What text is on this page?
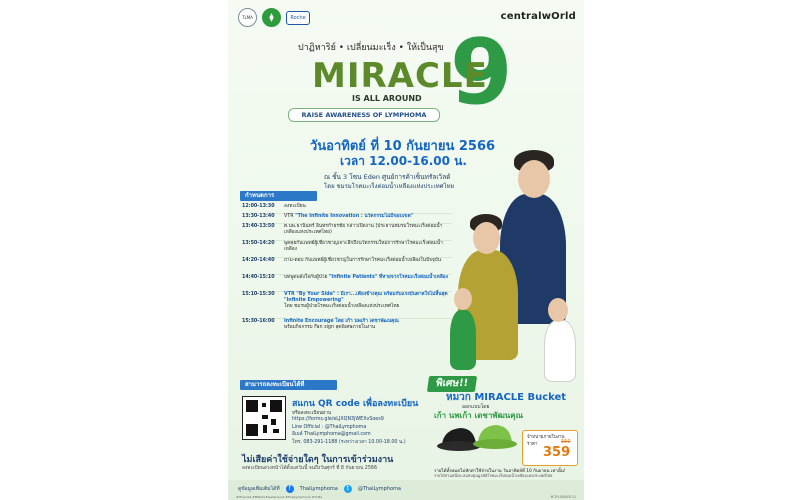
TLMA	Roche	centralwOrld
ปาฏิหาริย์ • เปลี่ยนมะเร็ง • ให้เป็นสุข 9
MIRACLE
IS ALL AROUND
RAISE AWARENESS OF LYMPHOMA
วันอาทิตย์ ที่ 10 กันยายน 2566
เวลา 12.00-16.00 น.
ณ ชั้น 3 โซน Eden ศูนย์การค้าเซ็นทรัลเวิลด์
โดย ชมรมโรคมะเร็งต่อมน้ำเหลืองแห่งประเทศไทย
กำหนดการ
12:00-13:30	ลงทะเบียน
13:30-13:40	VTR "The Infinite Innovation : นวัตกรรมไม่มีขอบเขต"
13:40-13:50	ศ.นพ.ธานินทร์ อินทรกำธรชัย กล่าวเปิดงาน (ประธานชมรมโรคมะเร็งต่อมน้ำเหลืองแห่งประเทศไทย)
13:50-14:20	พูดคุยกับแพทย์ผู้เชี่ยวชาญเจาะลึกถึงนวัตกรรมใหม่การรักษาโรคมะเร็งต่อมน้ำเหลือง
14:20-14:40	ถาม-ตอบ กับแพทย์ผู้เชี่ยวชาญในการรักษาโรคมะเร็งต่อมน้ำเหลืองในปัจจุบัน
14:40-15:10	บทพูดพลังใจกับผู้ป่วย "Infinite Patients" ที่หายจากโรคมะเร็งต่อมน้ำเหลือง
15:10-15:30	VTR "By Your Side" : มีเรา...เคียงข้างคุณ พร้อมกับแรงบันดาลใจไม่สิ้นสุด "Infinite Empowering"
โดย ชมรมผู้ป่วยโรคมะเร็งต่อมน้ำเหลืองแห่งประเทศไทย
15:30-16:00	Infinite Encourage โดย เก้า นพเก้า เดชาพัฒนคุณ
พร้อมกิจกรรม Fan sign สุดพิเศษภายในงาน
สามารถลงทะเบียนได้ที่
สแกน QR code เพื่อลงทะเบียน
หรือลงทะเบียนผ่าน
https://forms.gle/eLJXQN3jWEXvSoes9
Line Official : @ThaiLymphoma
อีเมล์ ThaiLymphoma@gmail.com
โทร. 083-291-1188 (ระหว่างเวลา 10.00-18.00 น.)
ไม่เสียค่าใช้จ่ายใดๆ ในการเข้าร่วมงาน
ลงทะเบียนล่วงหน้าได้ตั้งแต่วันนี้ จนถึงวันศุกร์ ที่ 8 กันยายน 2566
พิเศษ!!
หมวก MIRACLE Bucket
ออกแบบโดย
เก้า นพเก้า เดชาพัฒนคุณ
จำหน่ายภายในงาน
ราคา	150
359
รายได้ทั้งหมดไม่หักค่าใช้จ่ายในงาน วันอาทิตย์ที่ 10 กันยายน เท่านั้น!
รายได้ส่วนหนึ่งจะสมทบทุนมูลนิธิโรคมะเร็งต่อมน้ำเหลืองแห่งประเทศไทย
ดูข้อมูลเพิ่มเติมได้ที่	f	ThaiLymphoma	t	@ThaiLymphoma
#Miracle9 #MIRACLEisallaround #ThaiLymphoma #TLMA	M-TH-00003111
